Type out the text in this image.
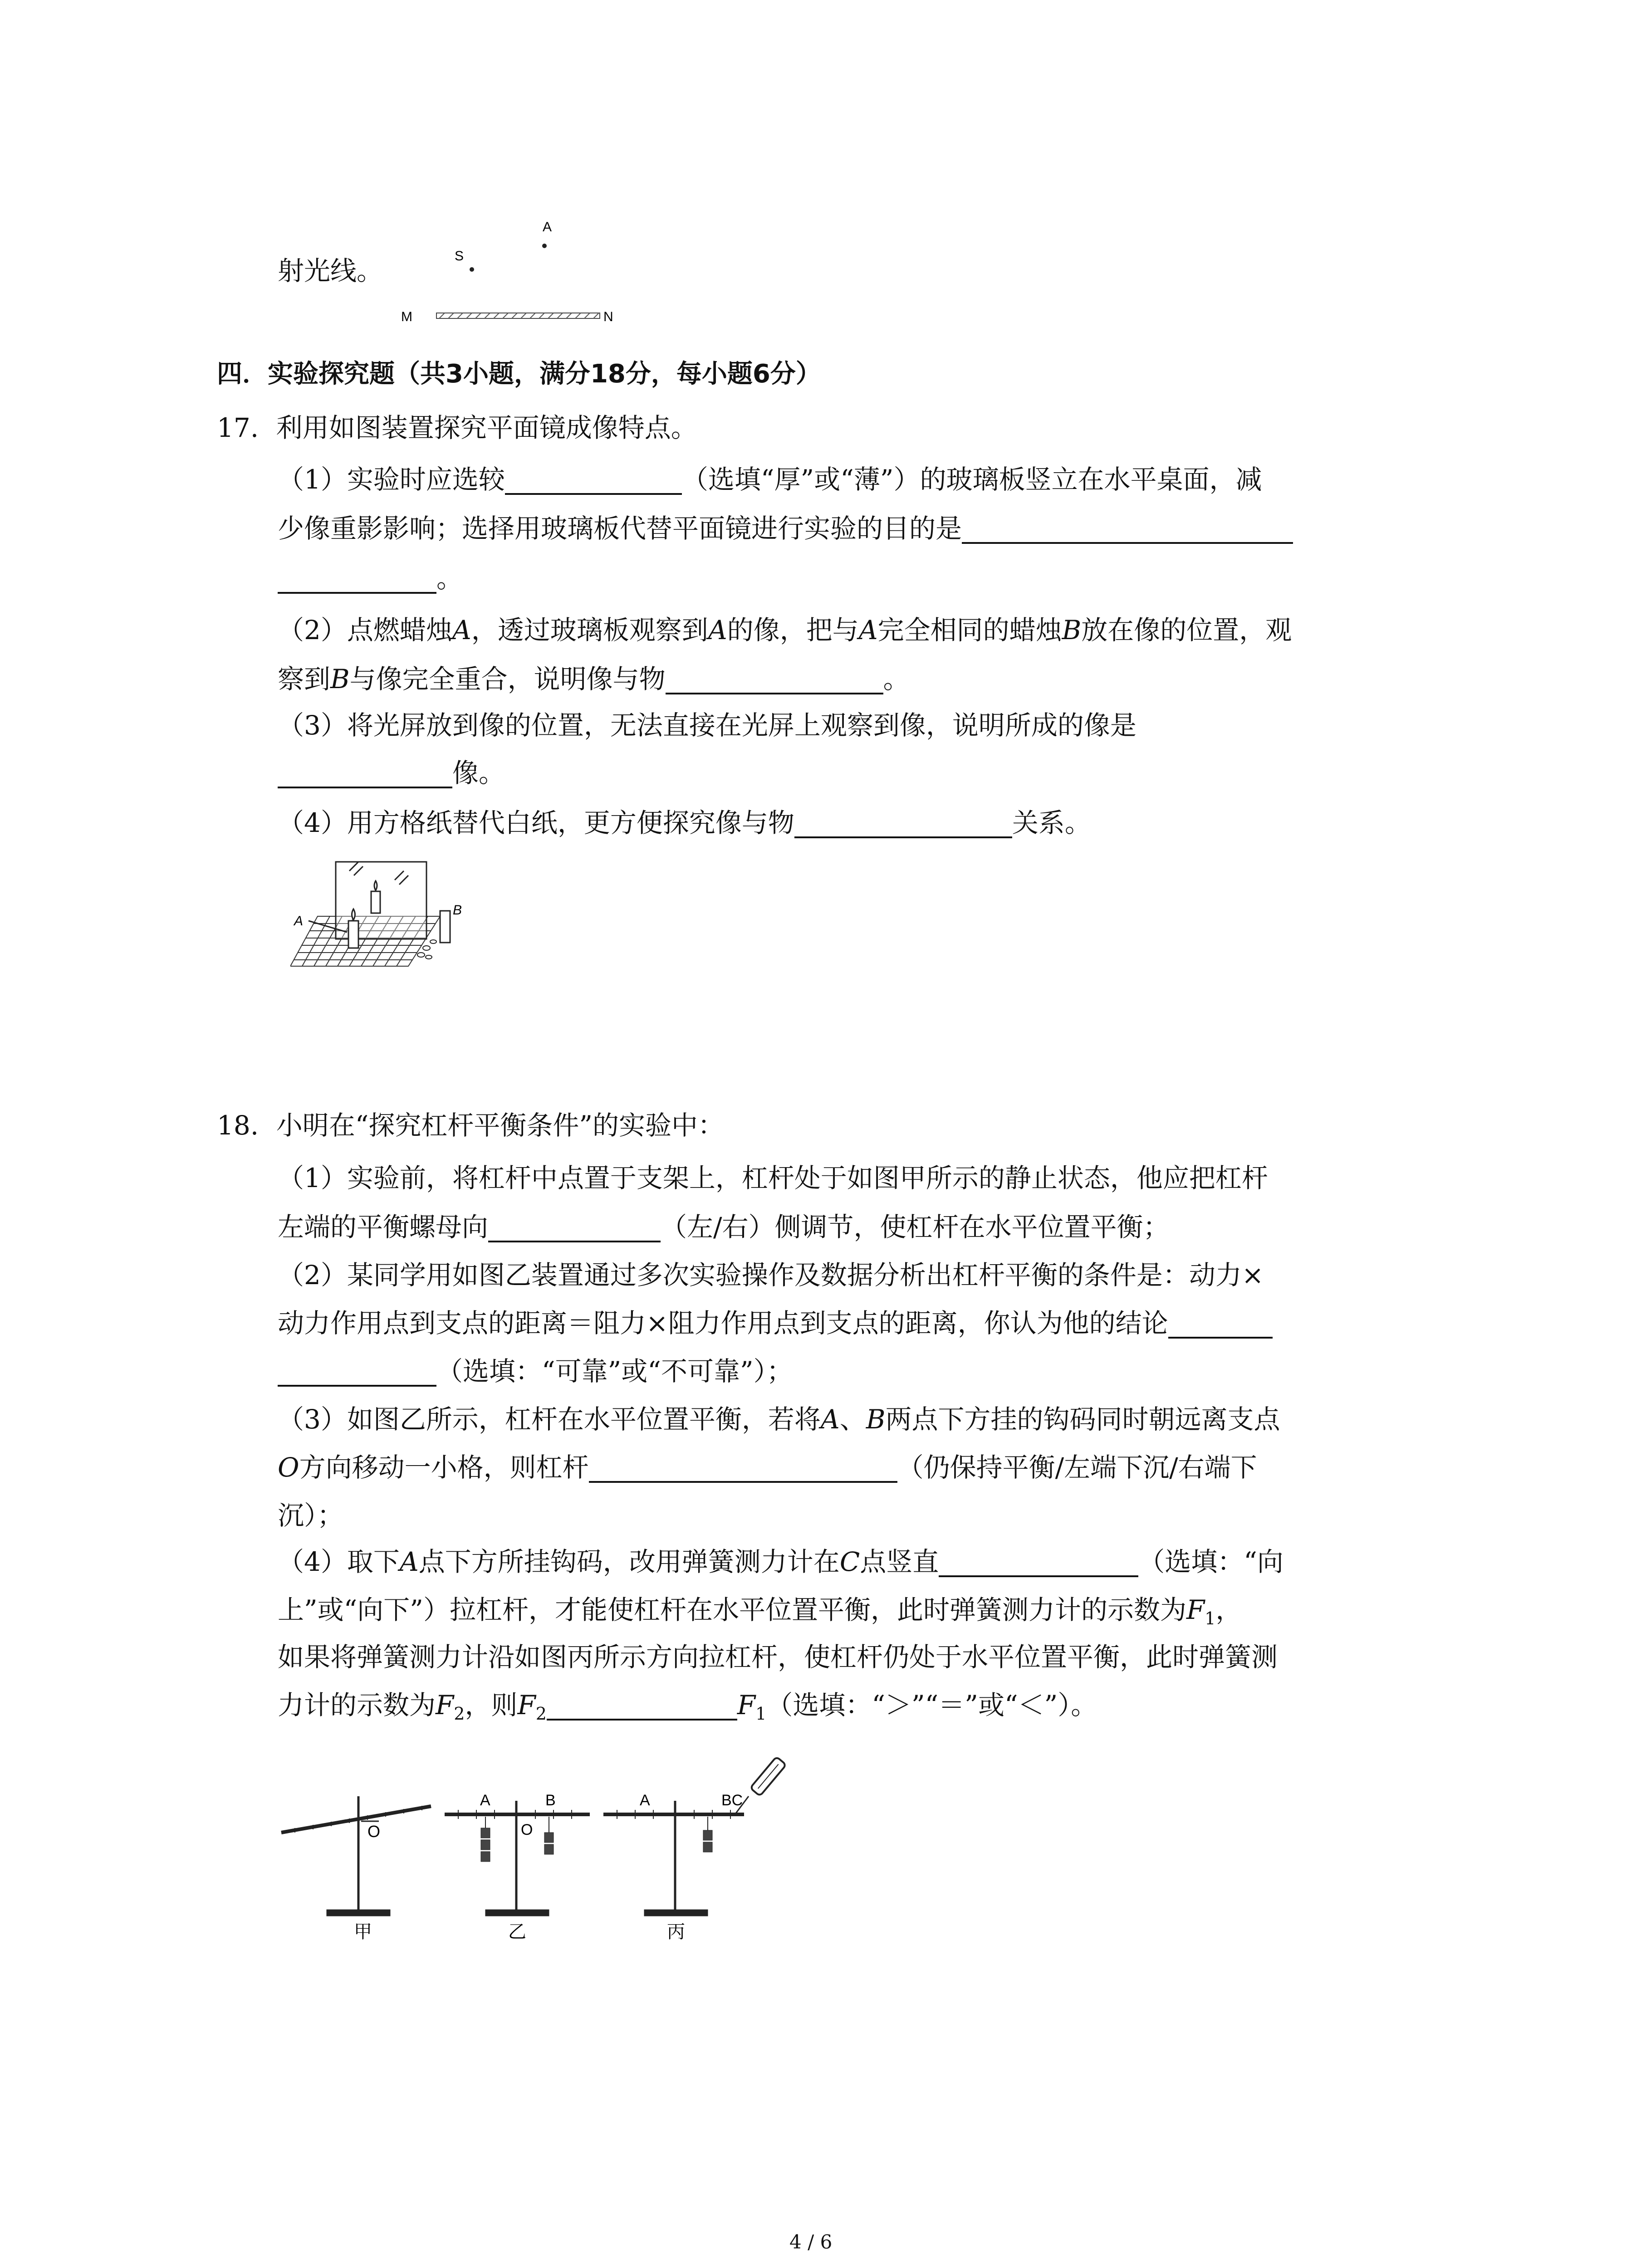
射光线。
A
S
M	N
四．实验探究题（共3小题，满分18分，每小题6分）
17. 利用如图装置探究平面镜成像特点。
（1）实验时应选较	（选填“厚”或“薄”）的玻璃板竖立在水平桌面，减
少像重影影响；选择用玻璃板代替平面镜进行实验的目的是
。
（2）点燃蜡烛A，透过玻璃板观察到A的像，把与A完全相同的蜡烛B放在像的位置，观
察到B与像完全重合，说明像与物	。
（3）将光屏放到像的位置，无法直接在光屏上观察到像，说明所成的像是
像。
（4）用方格纸替代白纸，更方便探究像与物	关系。
A
B
18. 小明在“探究杠杆平衡条件”的实验中：
（1）实验前，将杠杆中点置于支架上，杠杆处于如图甲所示的静止状态，他应把杠杆
左端的平衡螺母向	（左/右）侧调节，使杠杆在水平位置平衡；
（2）某同学用如图乙装置通过多次实验操作及数据分析出杠杆平衡的条件是：动力×
动力作用点到支点的距离＝阻力×阻力作用点到支点的距离，你认为他的结论
（选填：“可靠”或“不可靠”）；
（3）如图乙所示，杠杆在水平位置平衡，若将A、B两点下方挂的钩码同时朝远离支点
O方向移动一小格，则杠杆	（仍保持平衡/左端下沉/右端下
沉）；
（4）取下A点下方所挂钩码，改用弹簧测力计在C点竖直	（选填：“向
上”或“向下”）拉杠杆，才能使杠杆在水平位置平衡，此时弹簧测力计的示数为$F_1$，
如果将弹簧测力计沿如图丙所示方向拉杠杆，使杠杆仍处于水平位置平衡，此时弹簧测
力计的示数为$F_2$，则$F_2$	$F_1$（选填：“＞”“＝”或“＜”）。
O
甲
A	B
O
乙
A	BC
丙
4 / 6
